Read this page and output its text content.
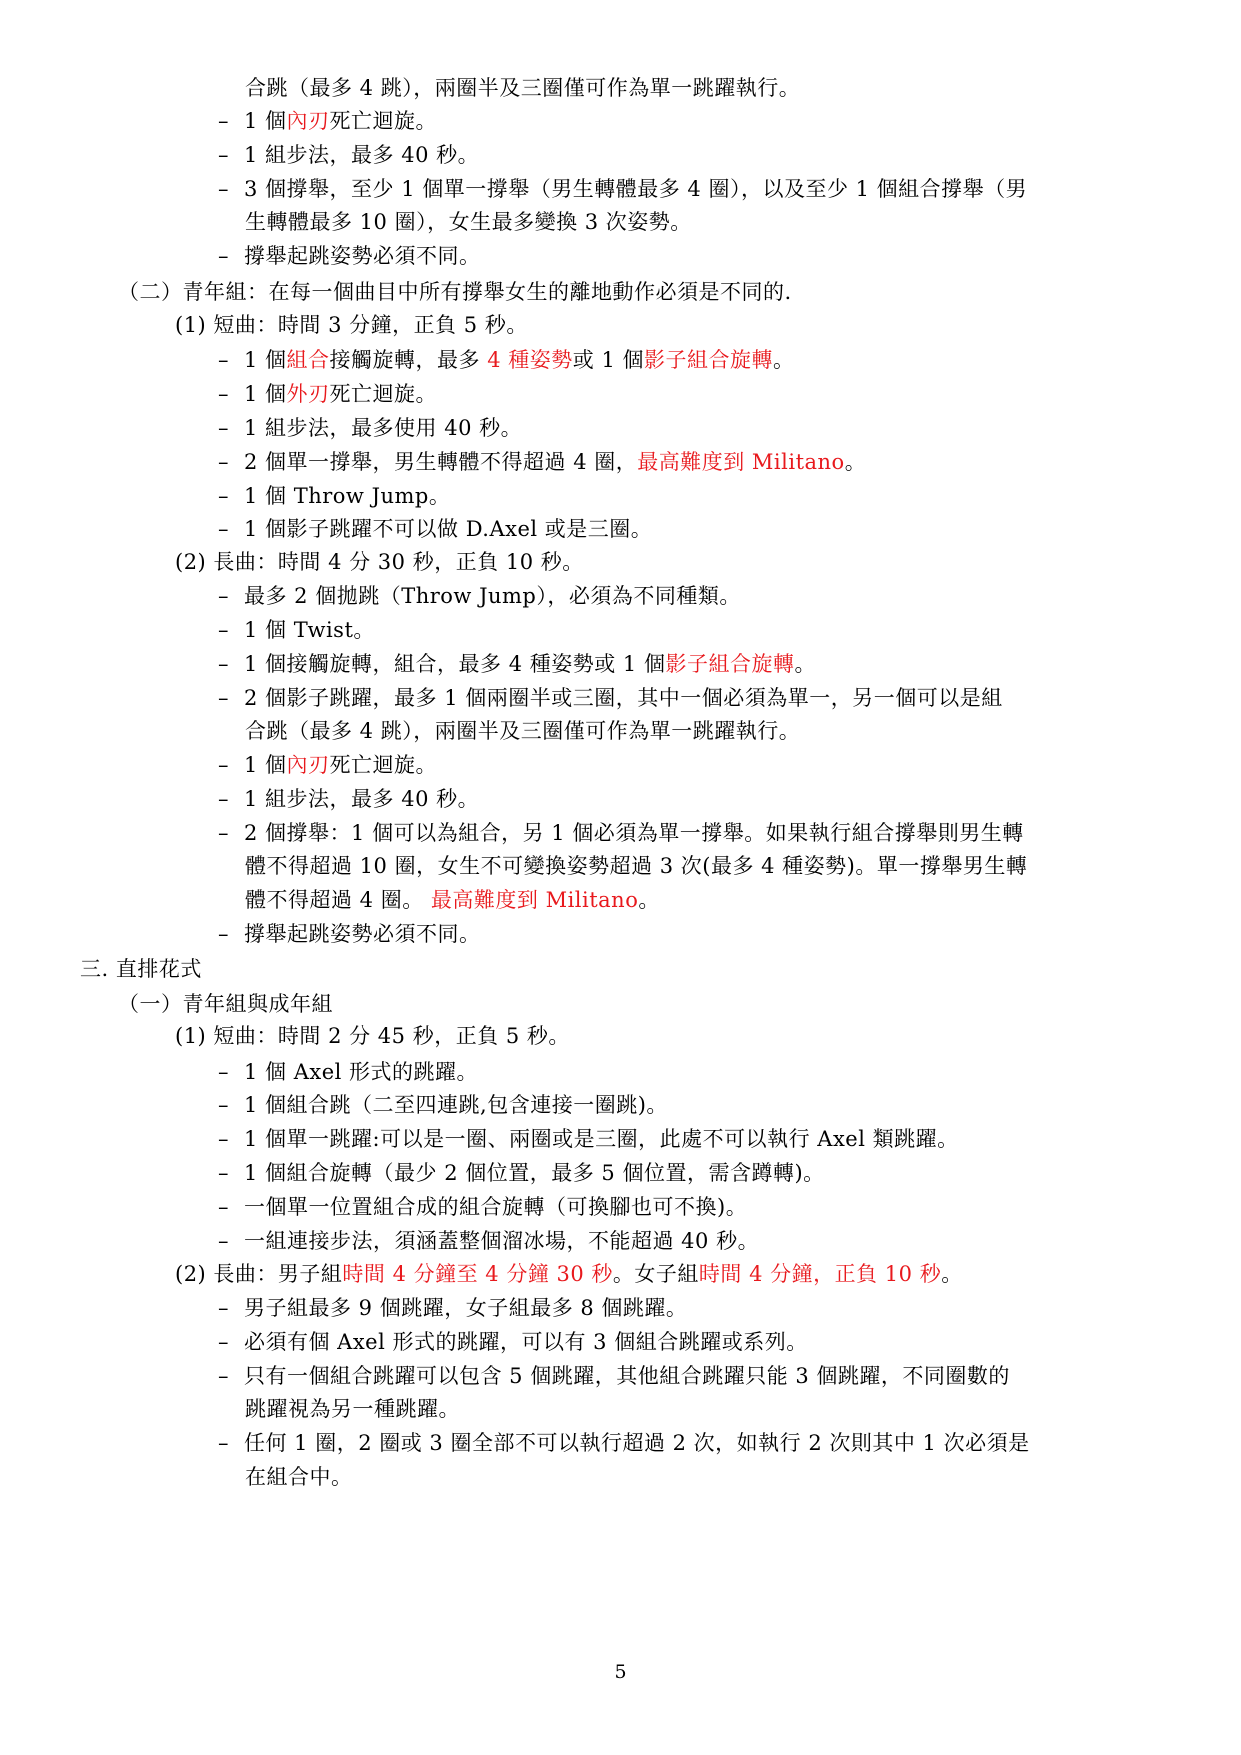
合跳（最多 4 跳），兩圈半及三圈僅可作為單一跳躍執行。
– 1 個內刃死亡迴旋。
– 1 組步法，最多 40 秒。
– 3 個撐舉，至少 1 個單一撐舉（男生轉體最多 4 圈），以及至少 1 個組合撐舉（男
生轉體最多 10 圈），女生最多變換 3 次姿勢。
– 撐舉起跳姿勢必須不同。
（二）青年組：在每一個曲目中所有撐舉女生的離地動作必須是不同的.
(1) 短曲：時間 3 分鐘，正負 5 秒。
– 1 個組合接觸旋轉，最多 4 種姿勢或 1 個影子組合旋轉。
– 1 個外刃死亡迴旋。
– 1 組步法，最多使用 40 秒。
– 2 個單一撐舉，男生轉體不得超過 4 圈，最高難度到 Militano。
– 1 個 Throw Jump。
– 1 個影子跳躍不可以做 D.Axel 或是三圈。
(2) 長曲：時間 4 分 30 秒，正負 10 秒。
– 最多 2 個拋跳（Throw Jump），必須為不同種類。
– 1 個 Twist。
– 1 個接觸旋轉，組合，最多 4 種姿勢或 1 個影子組合旋轉。
– 2 個影子跳躍，最多 1 個兩圈半或三圈，其中一個必須為單一，另一個可以是組
合跳（最多 4 跳），兩圈半及三圈僅可作為單一跳躍執行。
– 1 個內刃死亡迴旋。
– 1 組步法，最多 40 秒。
– 2 個撐舉：1 個可以為組合，另 1 個必須為單一撐舉。如果執行組合撐舉則男生轉
體不得超過 10 圈，女生不可變換姿勢超過 3 次(最多 4 種姿勢)。單一撐舉男生轉
體不得超過 4 圈。 最高難度到 Militano。
– 撐舉起跳姿勢必須不同。
三. 直排花式
（一）青年組與成年組
(1) 短曲：時間 2 分 45 秒，正負 5 秒。
– 1 個 Axel 形式的跳躍。
– 1 個組合跳（二至四連跳,包含連接一圈跳)。
– 1 個單一跳躍:可以是一圈、兩圈或是三圈，此處不可以執行 Axel 類跳躍。
– 1 個組合旋轉（最少 2 個位置，最多 5 個位置，需含蹲轉)。
– 一個單一位置組合成的組合旋轉（可換腳也可不換)。
– 一組連接步法，須涵蓋整個溜冰場，不能超過 40 秒。
(2) 長曲：男子組時間 4 分鐘至 4 分鐘 30 秒。女子組時間 4 分鐘，正負 10 秒。
– 男子組最多 9 個跳躍，女子組最多 8 個跳躍。
– 必須有個 Axel 形式的跳躍，可以有 3 個組合跳躍或系列。
– 只有一個組合跳躍可以包含 5 個跳躍，其他組合跳躍只能 3 個跳躍，不同圈數的
跳躍視為另一種跳躍。
– 任何 1 圈，2 圈或 3 圈全部不可以執行超過 2 次，如執行 2 次則其中 1 次必須是
在組合中。
5
